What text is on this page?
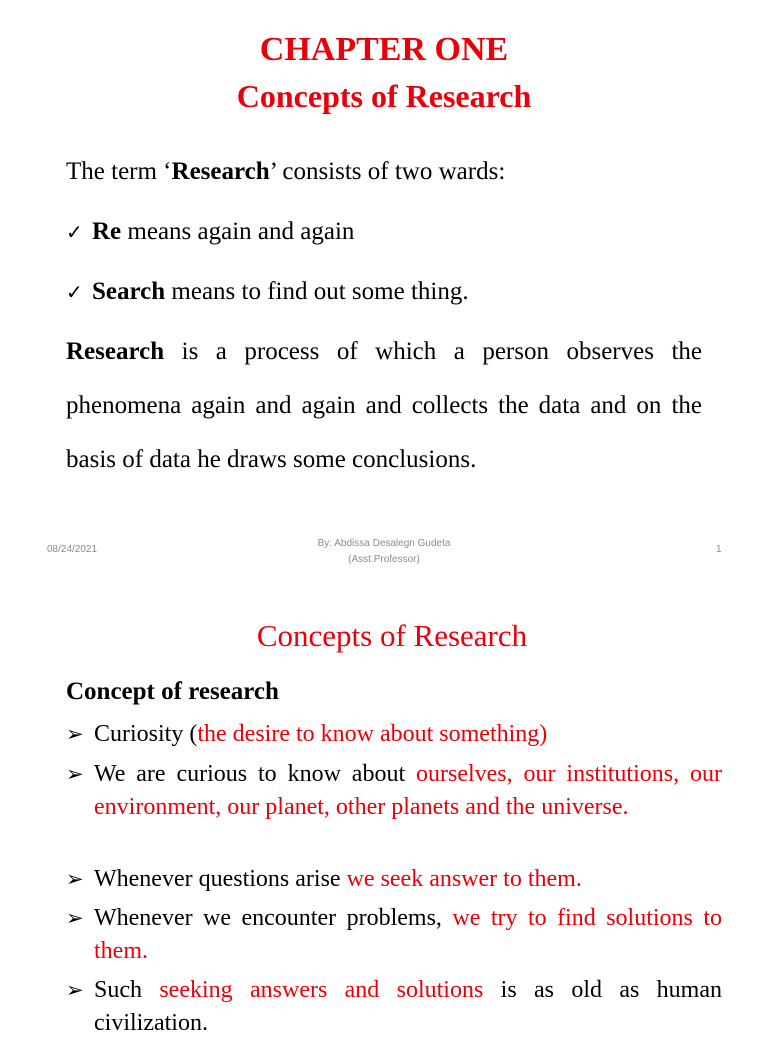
CHAPTER ONE
Concepts of Research
The term ‘Research’ consists of two wards:
✓ Re means again and again
✓ Search means to find out some thing.
Research is a process of which a person observes the phenomena again and again and collects the data and on the basis of data he draws some conclusions.
08/24/2021
By: Abdissa Desalegn Gudeta
(Asst.Professor)
1
Concepts of Research
Concept of research
➢ Curiosity (the desire to know about something)
➢ We are curious to know about ourselves, our institutions, our environment, our planet, other planets and the universe.
➢ Whenever questions arise we seek answer to them.
➢ Whenever we encounter problems, we try to find solutions to them.
➢ Such seeking answers and solutions is as old as human civilization.
